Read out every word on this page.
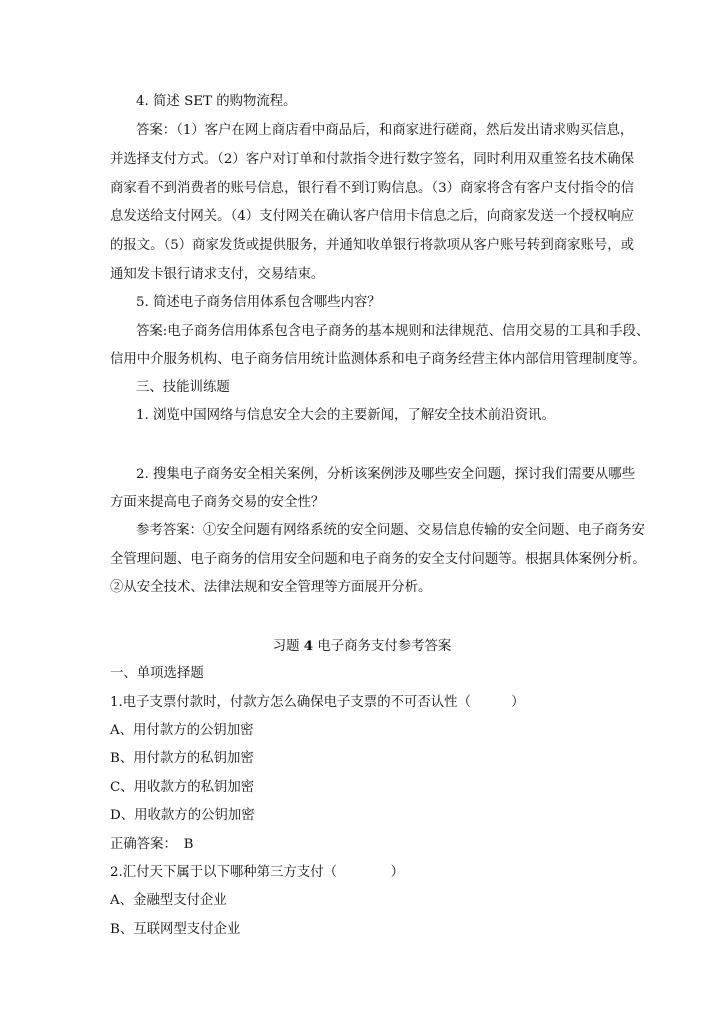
4. 简述 SET 的购物流程。
答案：（1）客户在网上商店看中商品后，和商家进行磋商，然后发出请求购买信息，
并选择支付方式。（2）客户对订单和付款指令进行数字签名，同时利用双重签名技术确保
商家看不到消费者的账号信息，银行看不到订购信息。（3）商家将含有客户支付指令的信
息发送给支付网关。（4）支付网关在确认客户信用卡信息之后，向商家发送一个授权响应
的报文。（5）商家发货或提供服务，并通知收单银行将款项从客户账号转到商家账号，或
通知发卡银行请求支付，交易结束。
5. 简述电子商务信用体系包含哪些内容？
答案:电子商务信用体系包含电子商务的基本规则和法律规范、信用交易的工具和手段、
信用中介服务机构、电子商务信用统计监测体系和电子商务经营主体内部信用管理制度等。
三、技能训练题
1. 浏览中国网络与信息安全大会的主要新闻，了解安全技术前沿资讯。
2. 搜集电子商务安全相关案例，分析该案例涉及哪些安全问题，探讨我们需要从哪些
方面来提高电子商务交易的安全性？
参考答案：①安全问题有网络系统的安全问题、交易信息传输的安全问题、电子商务安
全管理问题、电子商务的信用安全问题和电子商务的安全支付问题等。根据具体案例分析。
②从安全技术、法律法规和安全管理等方面展开分析。
习题 4 电子商务支付参考答案
一、单项选择题
1.电子支票付款时，付款方怎么确保电子支票的不可否认性（　　　）
A、用付款方的公钥加密
B、用付款方的私钥加密
C、用收款方的私钥加密
D、用收款方的公钥加密
正确答案：　B
2.汇付天下属于以下哪种第三方支付（　　　　）
A、金融型支付企业
B、互联网型支付企业
